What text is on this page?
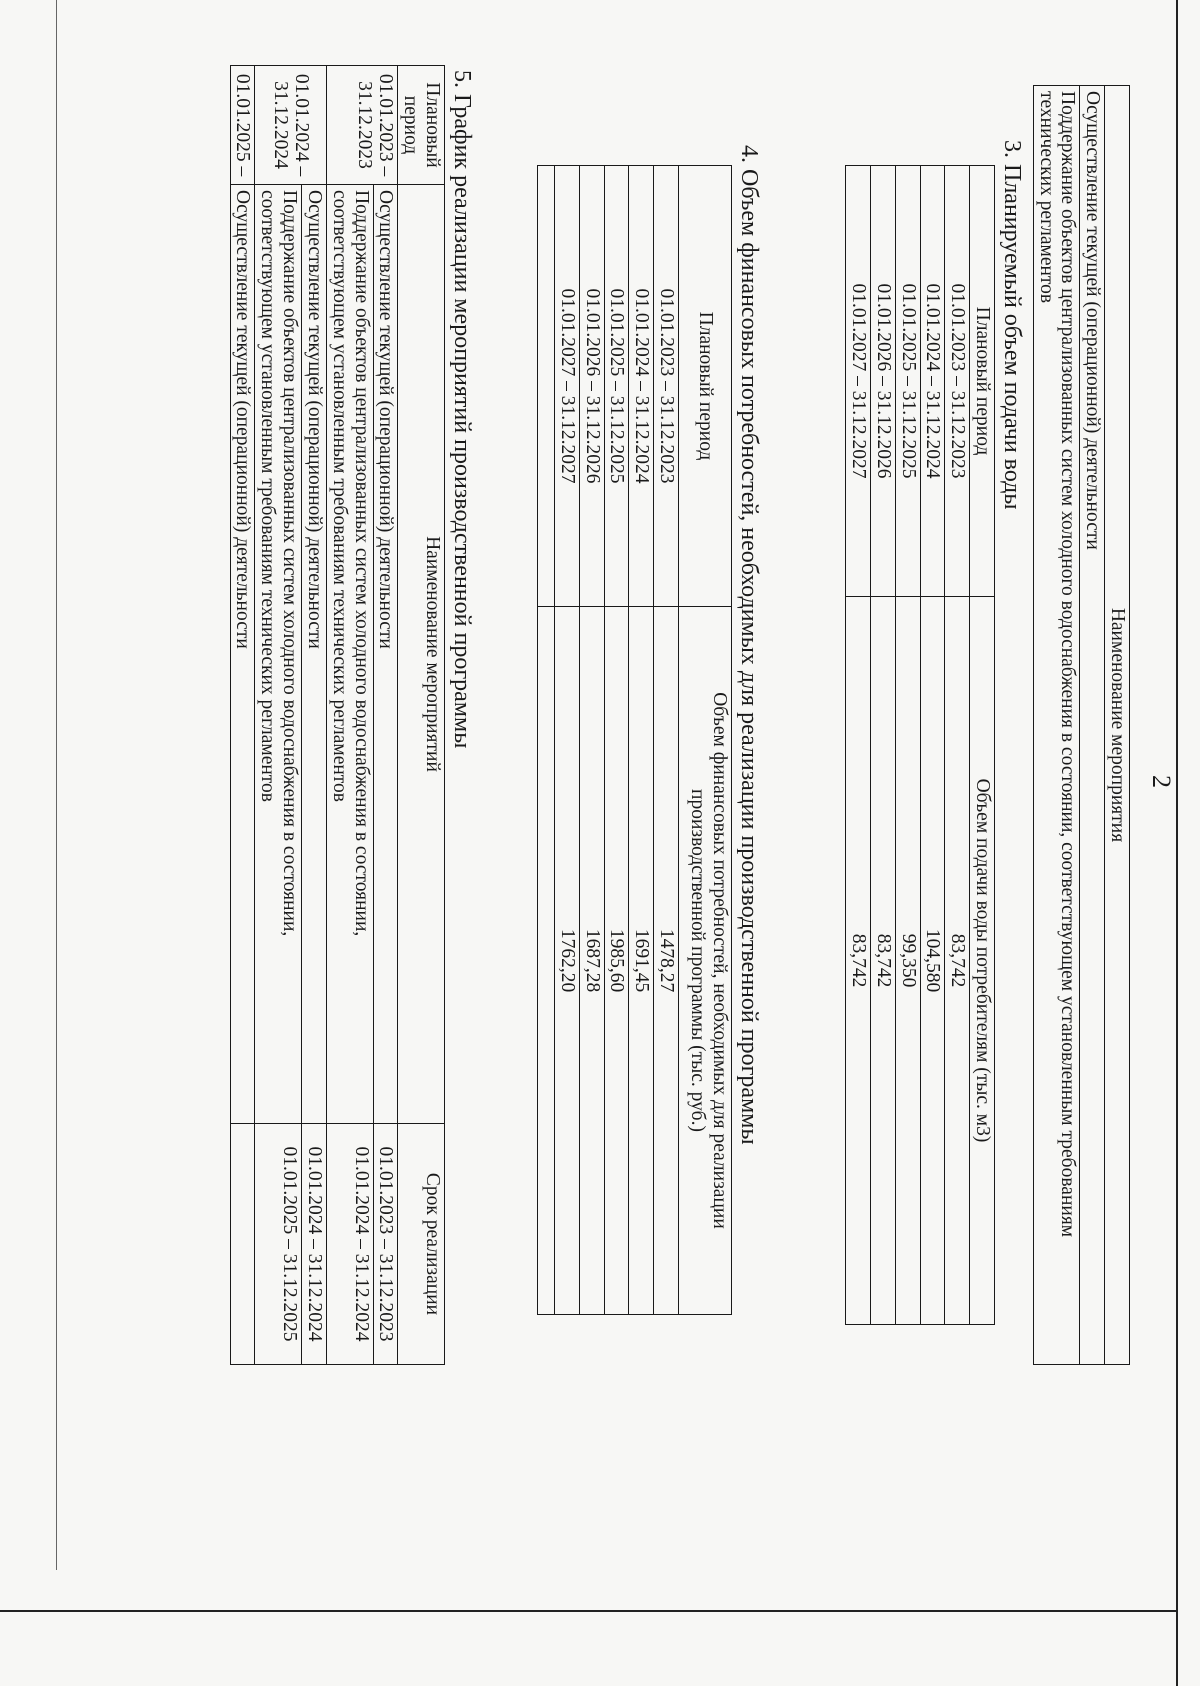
2
Наименование мероприятия
Осуществление текущей (операционной) деятельности
Поддержание объектов централизованных систем холодного водоснабжения в состоянии, соответствующем установленным требованиям технических регламентов
3. Планируемый объем подачи воды
Плановый период	Объем подачи воды потребителям (тыс. м3)
01.01.2023 – 31.12.2023	83,742
01.01.2024 – 31.12.2024	104,580
01.01.2025 – 31.12.2025	99,350
01.01.2026 – 31.12.2026	83,742
01.01.2027 – 31.12.2027	83,742
4. Объем финансовых потребностей, необходимых для реализации производственной программы
Плановый период	Объем финансовых потребностей, необходимых для реализации производственной программы (тыс. руб.)
01.01.2023 – 31.12.2023	1478,27
01.01.2024 – 31.12.2024	1691,45
01.01.2025 – 31.12.2025	1985,60
01.01.2026 – 31.12.2026	1687,28
01.01.2027 – 31.12.2027	1762,20

5. График реализации мероприятий производственной программы
Плановый период	Наименование мероприятий	Срок реализации
01.01.2023 – 31.12.2023	Осуществление текущей (операционной) деятельности	01.01.2023 – 31.12.2023
	Поддержание объектов централизованных систем холодного водоснабжения в состоянии, соответствующем установленным требованиям технических регламентов	01.01.2024 – 31.12.2024
01.01.2024 – 31.12.2024	Осуществление текущей (операционной) деятельности	01.01.2024 – 31.12.2024
	Поддержание объектов централизованных систем холодного водоснабжения в состоянии, соответствующем установленным требованиям технических регламентов	01.01.2025 – 31.12.2025
01.01.2025 –	Осуществление текущей (операционной) деятельности	
